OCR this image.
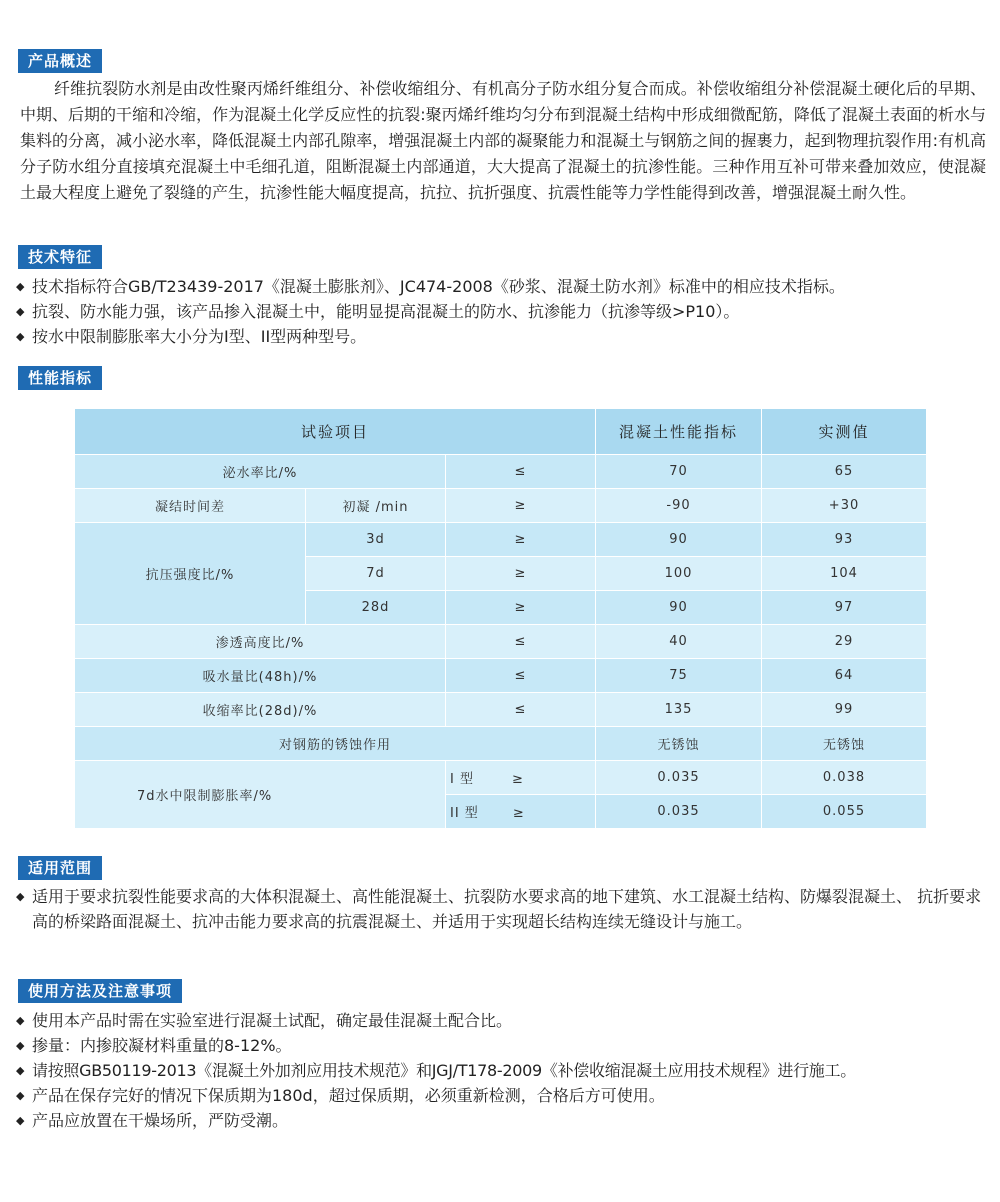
产品概述

纤维抗裂防水剂是由改性聚丙烯纤维组分、补偿收缩组分、有机高分子防水组分复合而成。补偿收缩组分补偿混凝土硬化后的早期、中期、后期的干缩和冷缩，作为混凝土化学反应性的抗裂:聚丙烯纤维均匀分布到混凝土结构中形成细微配筋，降低了混凝土表面的析水与集料的分离，减小泌水率，降低混凝土内部孔隙率，增强混凝土内部的凝聚能力和混凝土与钢筋之间的握裹力，起到物理抗裂作用:有机高分子防水组分直接填充混凝土中毛细孔道，阻断混凝土内部通道，大大提高了混凝土的抗渗性能。三种作用互补可带来叠加效应，使混凝土最大程度上避免了裂缝的产生，抗渗性能大幅度提高，抗拉、抗折强度、抗震性能等力学性能得到改善，增强混凝土耐久性。

技术特征
◆ 技术指标符合GB/T23439-2017《混凝土膨胀剂》、JC474-2008《砂浆、混凝土防水剂》标准中的相应技术指标。
◆ 抗裂、防水能力强，该产品掺入混凝土中，能明显提高混凝土的防水、抗渗能力（抗渗等级>P10）。
◆ 按水中限制膨胀率大小分为I型、II型两种型号。
性能指标
试验项目			混凝土性能指标	实测值
泌水率比/%		≤	70	65
凝结时间差	初凝 /min	≥	-90	+30
抗压强度比/%	3d	≥	90	93
	7d	≥	100	104
	28d	≥	90	97
渗透高度比/%		≤	40	29
吸水量比(48h)/%		≤	75	64
收缩率比(28d)/%		≤	135	99
对钢筋的锈蚀作用			无锈蚀	无锈蚀
7d水中限制膨胀率/%		I 型 ≥	0.035	0.038
		II 型 ≥	0.035	0.055
适用范围
◆ 适用于要求抗裂性能要求高的大体积混凝土、高性能混凝土、抗裂防水要求高的地下建筑、水工混凝土结构、防爆裂混凝土、 抗折要求高的桥梁路面混凝土、抗冲击能力要求高的抗震混凝土、并适用于实现超长结构连续无缝设计与施工。
使用方法及注意事项
◆ 使用本产品时需在实验室进行混凝土试配，确定最佳混凝土配合比。
◆ 掺量：内掺胶凝材料重量的8-12%。
◆ 请按照GB50119-2013《混凝土外加剂应用技术规范》和JGJ/T178-2009《补偿收缩混凝土应用技术规程》进行施工。
◆ 产品在保存完好的情况下保质期为180d，超过保质期，必须重新检测，合格后方可使用。
◆ 产品应放置在干燥场所，严防受潮。
